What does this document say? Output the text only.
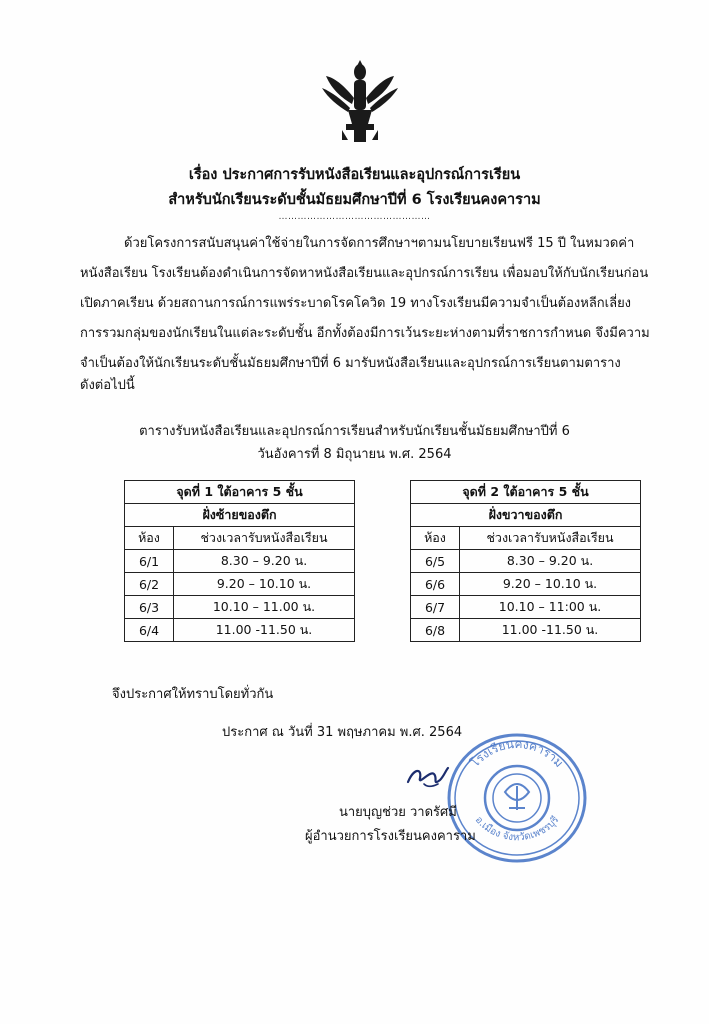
เรื่อง ประกาศการรับหนังสือเรียนและอุปกรณ์การเรียน
สำหรับนักเรียนระดับชั้นมัธยมศึกษาปีที่ 6 โรงเรียนคงคาราม
…………………………………………
ด้วยโครงการสนับสนุนค่าใช้จ่ายในการจัดการศึกษาฯตามนโยบายเรียนฟรี 15 ปี ในหมวดค่า
หนังสือเรียน โรงเรียนต้องดำเนินการจัดหาหนังสือเรียนและอุปกรณ์การเรียน เพื่อมอบให้กับนักเรียนก่อน
เปิดภาคเรียน ด้วยสถานการณ์การแพร่ระบาดโรคโควิด 19 ทางโรงเรียนมีความจำเป็นต้องหลีกเลี่ยง
การรวมกลุ่มของนักเรียนในแต่ละระดับชั้น อีกทั้งต้องมีการเว้นระยะห่างตามที่ราชการกำหนด จึงมีความ
จำเป็นต้องให้นักเรียนระดับชั้นมัธยมศึกษาปีที่ 6 มารับหนังสือเรียนและอุปกรณ์การเรียนตามตาราง
ดังต่อไปนี้
ตารางรับหนังสือเรียนและอุปกรณ์การเรียนสำหรับนักเรียนชั้นมัธยมศึกษาปีที่ 6
วันอังคารที่ 8 มิถุนายน พ.ศ. 2564
จุดที่ 1 ใต้อาคาร 5 ชั้น	
ฝั่งซ้ายของตึก	
ห้อง	ช่วงเวลารับหนังสือเรียน
6/1	8.30 – 9.20 น.
6/2	9.20 – 10.10 น.
6/3	10.10 – 11.00 น.
6/4	11.00 -11.50 น.
จุดที่ 2 ใต้อาคาร 5 ชั้น	
ฝั่งขวาของตึก	
ห้อง	ช่วงเวลารับหนังสือเรียน
6/5	8.30 – 9.20 น.
6/6	9.20 – 10.10 น.
6/7	10.10 – 11:00 น.
6/8	11.00 -11.50 น.
จึงประกาศให้ทราบโดยทั่วกัน
ประกาศ ณ วันที่ 31 พฤษภาคม พ.ศ. 2564
โรงเรียนคงคาราม
อ.เมือง จังหวัดเพชรบุรี
นายบุญช่วย วาดรัศมี
ผู้อำนวยการโรงเรียนคงคาราม
